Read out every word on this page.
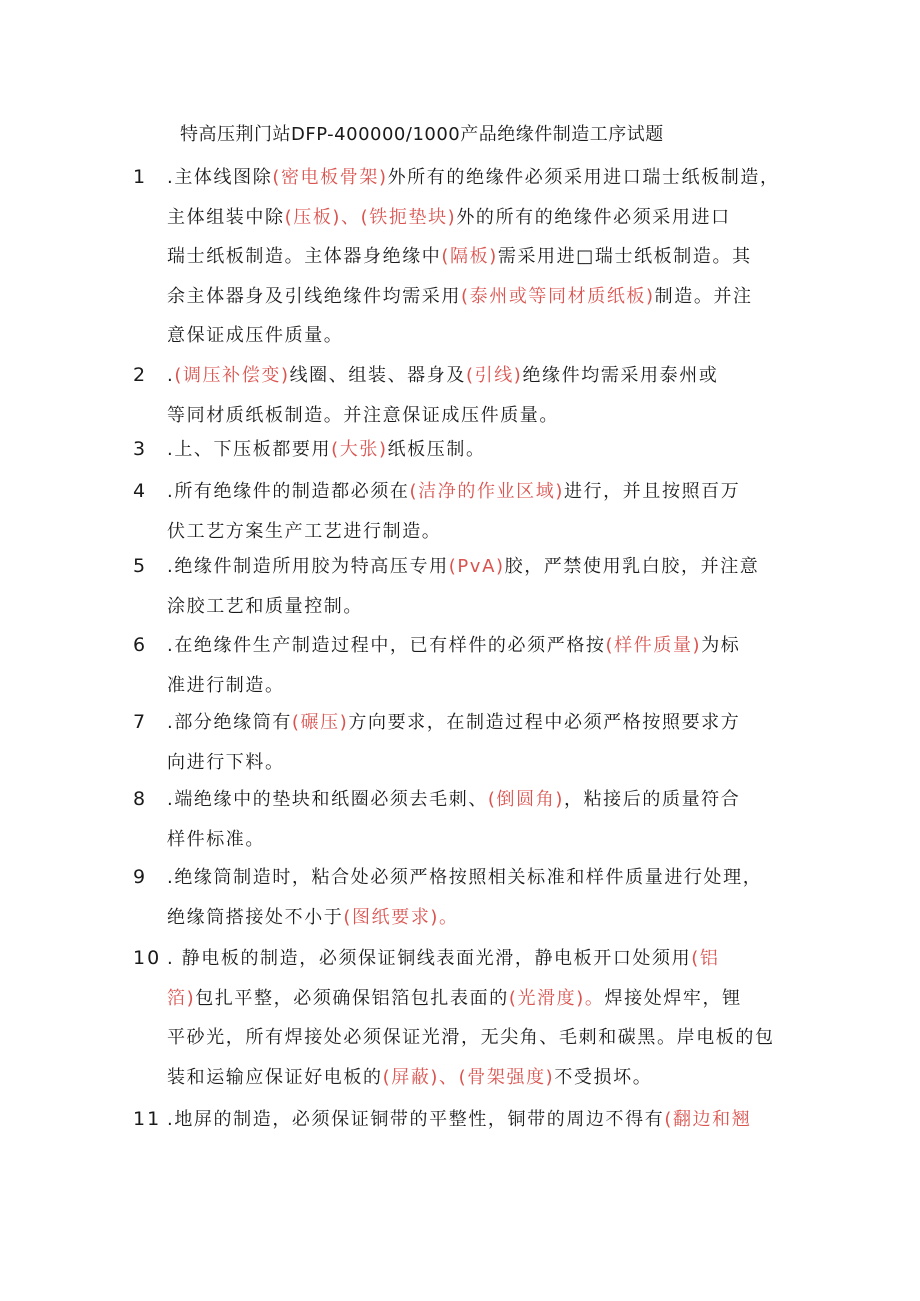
特高压荆门站DFP-400000/1000产品绝缘件制造工序试题
1 .主体线图除(密电板骨架)外所有的绝缘件必须采用进口瑞士纸板制造，
主体组装中除(压板)、(铁扼垫块)外的所有的绝缘件必须采用进口
瑞士纸板制造。主体器身绝缘中(隔板)需采用进□瑞士纸板制造。其
余主体器身及引线绝缘件均需采用(泰州或等同材质纸板)制造。并注
意保证成压件质量。
2 .(调压补偿变)线圈、组装、器身及(引线)绝缘件均需采用泰州或
等同材质纸板制造。并注意保证成压件质量。
3 .上、下压板都要用(大张)纸板压制。
4 .所有绝缘件的制造都必须在(洁净的作业区域)进行，并且按照百万
伏工艺方案生产工艺进行制造。
5 .绝缘件制造所用胶为特高压专用(PvA)胶，严禁使用乳白胶，并注意
涂胶工艺和质量控制。
6 .在绝缘件生产制造过程中，已有样件的必须严格按(样件质量)为标
准进行制造。
7 .部分绝缘筒有(碾压)方向要求，在制造过程中必须严格按照要求方
向进行下料。
8 .端绝缘中的垫块和纸圈必须去毛刺、(倒圆角)，粘接后的质量符合
样件标准。
9 .绝缘筒制造时，粘合处必须严格按照相关标准和样件质量进行处理，
绝缘筒搭接处不小于(图纸要求)。
10 . 静电板的制造，必须保证铜线表面光滑，静电板开口处须用(铝
箔)包扎平整，必须确保铝箔包扎表面的(光滑度)。焊接处焊牢，锂
平砂光，所有焊接处必须保证光滑，无尖角、毛刺和碳黑。岸电板的包
装和运输应保证好电板的(屏蔽)、(骨架强度)不受损坏。
11 .地屏的制造，必须保证铜带的平整性，铜带的周边不得有(翻边和翘
